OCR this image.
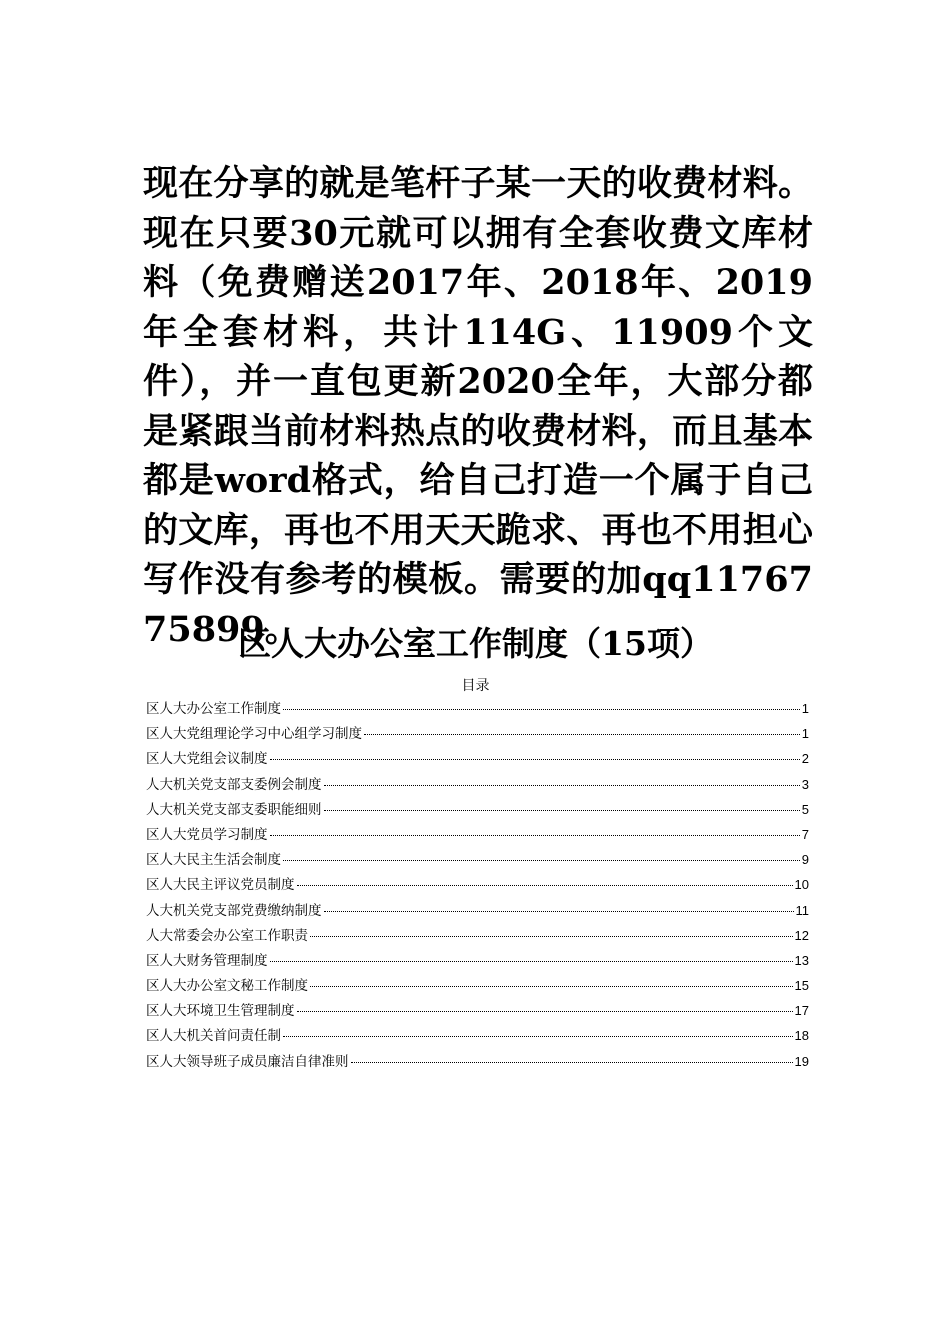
现在分享的就是笔杆子某一天的收费材料。现在只要30元就可以拥有全套收费文库材料（免费赠送2017年、2018年、2019年全套材料，共计114G、11909个文件），并一直包更新2020全年，大部分都是紧跟当前材料热点的收费材料，而且基本都是word格式，给自己打造一个属于自己的文库，再也不用天天跪求、再也不用担心写作没有参考的模板。需要的加qq1176775899。

区人大办公室工作制度（15项）
目录
区人大办公室工作制度	1
区人大党组理论学习中心组学习制度	1
区人大党组会议制度	2
人大机关党支部支委例会制度	3
人大机关党支部支委职能细则	5
区人大党员学习制度	7
区人大民主生活会制度	9
区人大民主评议党员制度	10
人大机关党支部党费缴纳制度	11
人大常委会办公室工作职责	12
区人大财务管理制度	13
区人大办公室文秘工作制度	15
区人大环境卫生管理制度	17
区人大机关首问责任制	18
区人大领导班子成员廉洁自律准则	19
